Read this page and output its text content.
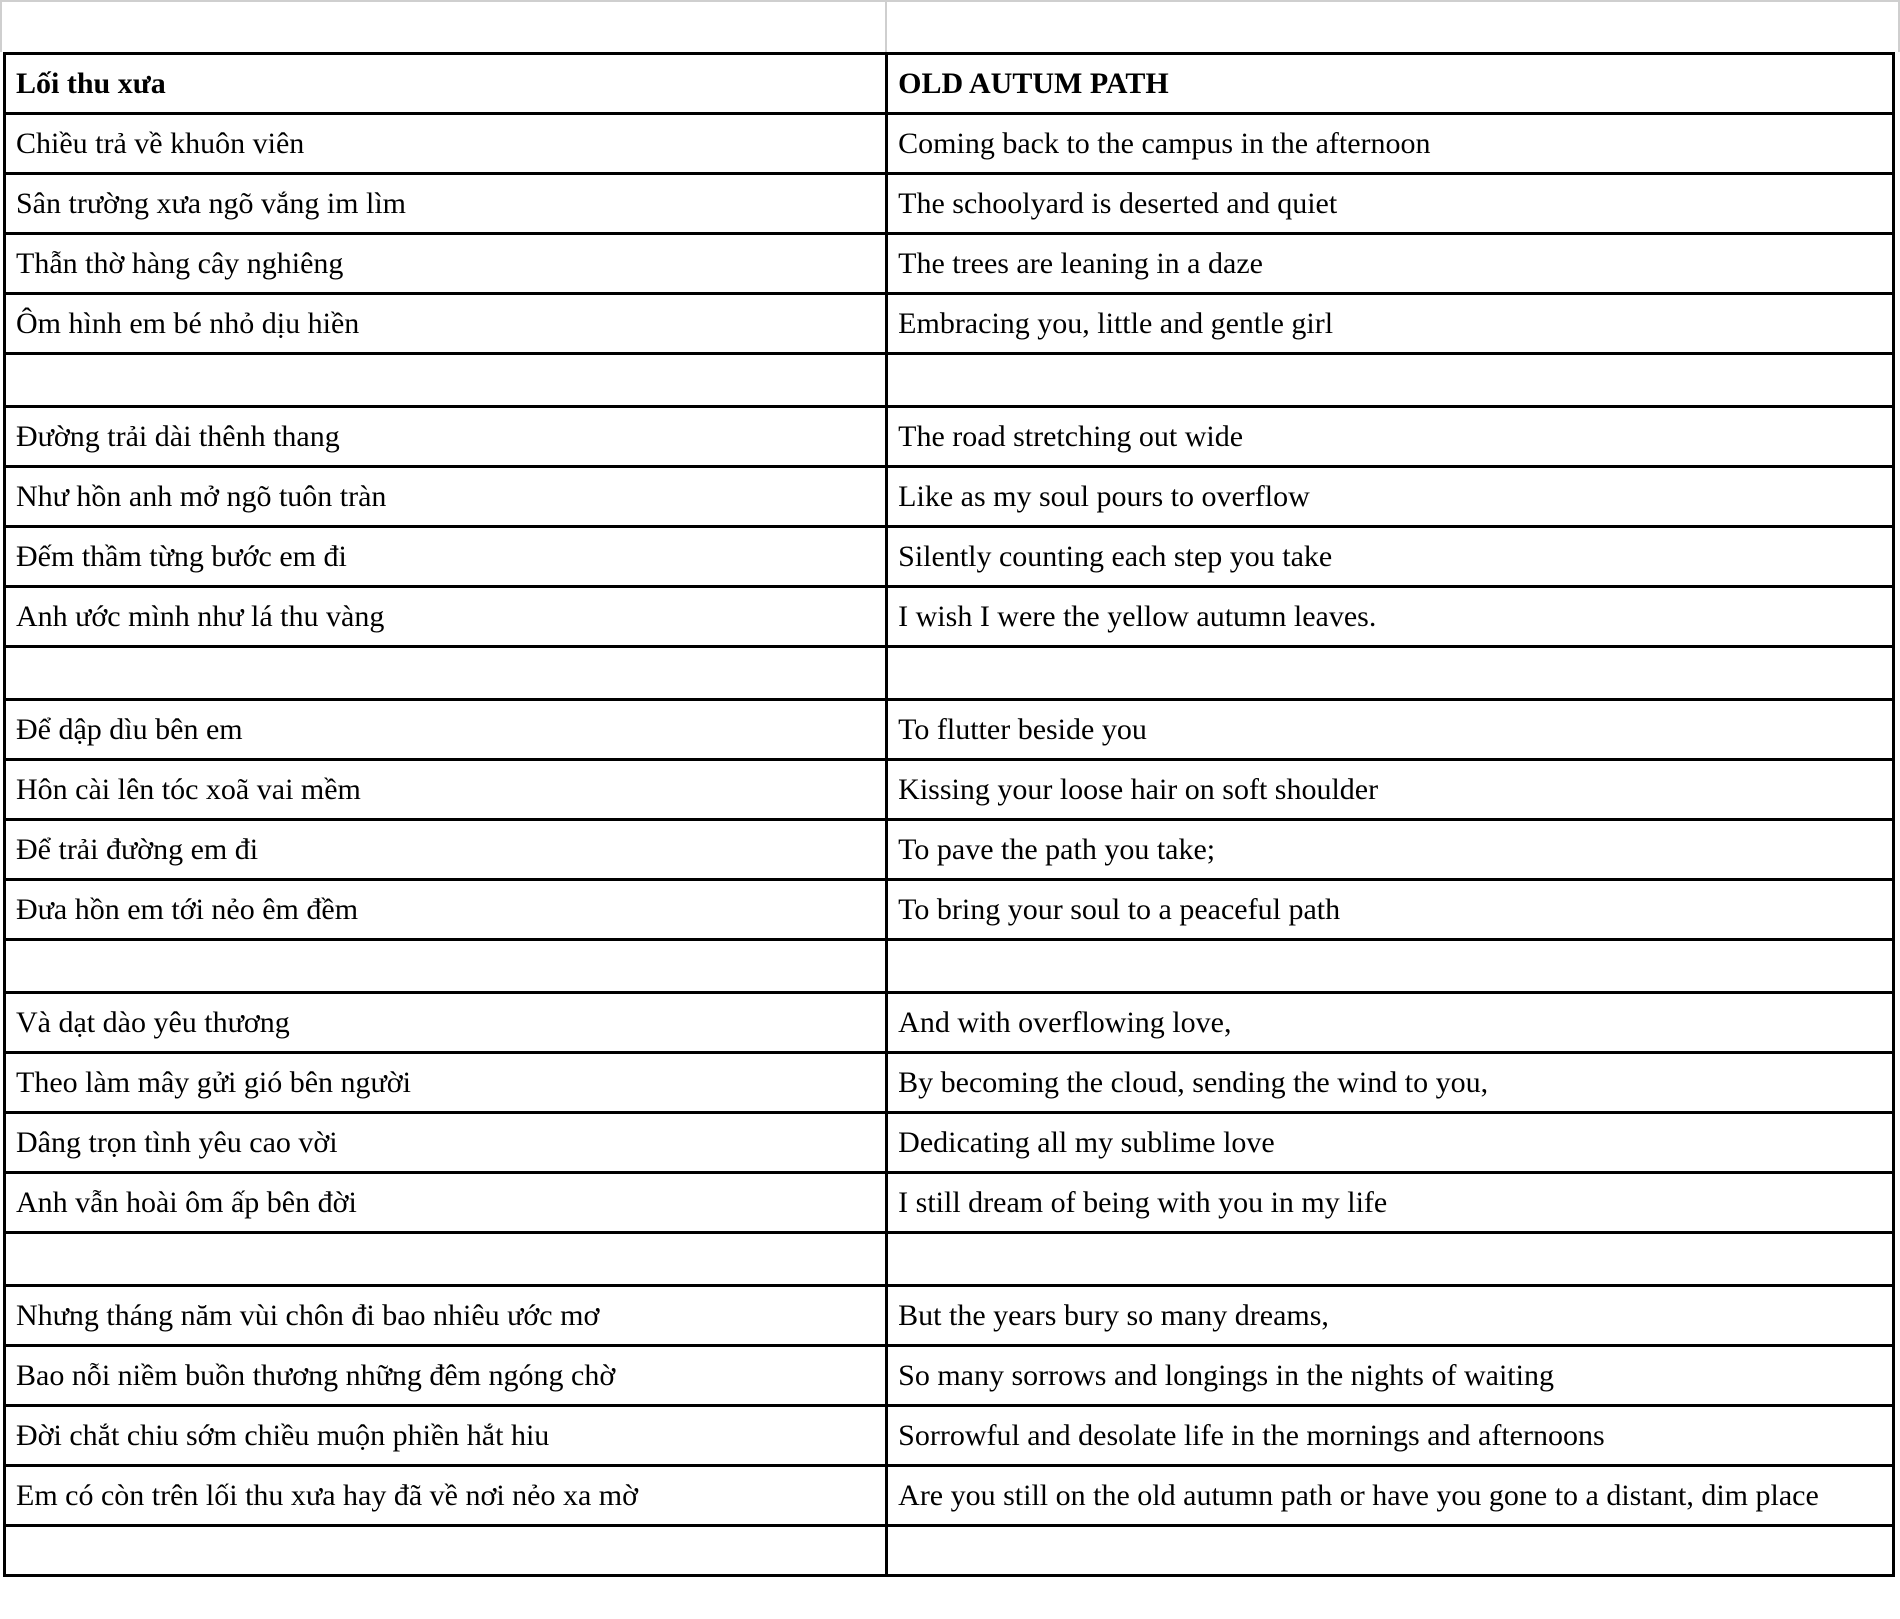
Lối thu xưa	OLD AUTUM PATH
Chiều trả về khuôn viên	Coming back to the campus in the afternoon
Sân trường xưa ngõ vắng im lìm	The schoolyard is deserted and quiet
Thẫn thờ hàng cây nghiêng	The trees are leaning in a daze
Ôm hình em bé nhỏ dịu hiền	Embracing you, little and gentle girl

Đường trải dài thênh thang	The road stretching out wide
Như hồn anh mở ngõ tuôn tràn	Like as my soul pours to overflow
Đếm thầm từng bước em đi	Silently counting each step you take
Anh ước mình như lá thu vàng	I wish I were the yellow autumn leaves.

Để dập dìu bên em	To flutter beside you
Hôn cài lên tóc xoã vai mềm	Kissing your loose hair on soft shoulder
Để trải đường em đi	To pave the path you take;
Đưa hồn em tới nẻo êm đềm	To bring your soul to a peaceful path

Và dạt dào yêu thương	And with overflowing love,
Theo làm mây gửi gió bên người	By becoming the cloud, sending the wind to you,
Dâng trọn tình yêu cao vời	Dedicating all my sublime love
Anh vẫn hoài ôm ấp bên đời	I still dream of being with you in my life

Nhưng tháng năm vùi chôn đi bao nhiêu ước mơ	But the years bury so many dreams,
Bao nỗi niềm buồn thương những đêm ngóng chờ	So many sorrows and longings in the nights of waiting
Đời chắt chiu sớm chiều muộn phiền hắt hiu	Sorrowful and desolate life in the mornings and afternoons
Em có còn trên lối thu xưa hay đã về nơi nẻo xa mờ	Are you still on the old autumn path or have you gone to a distant, dim place
